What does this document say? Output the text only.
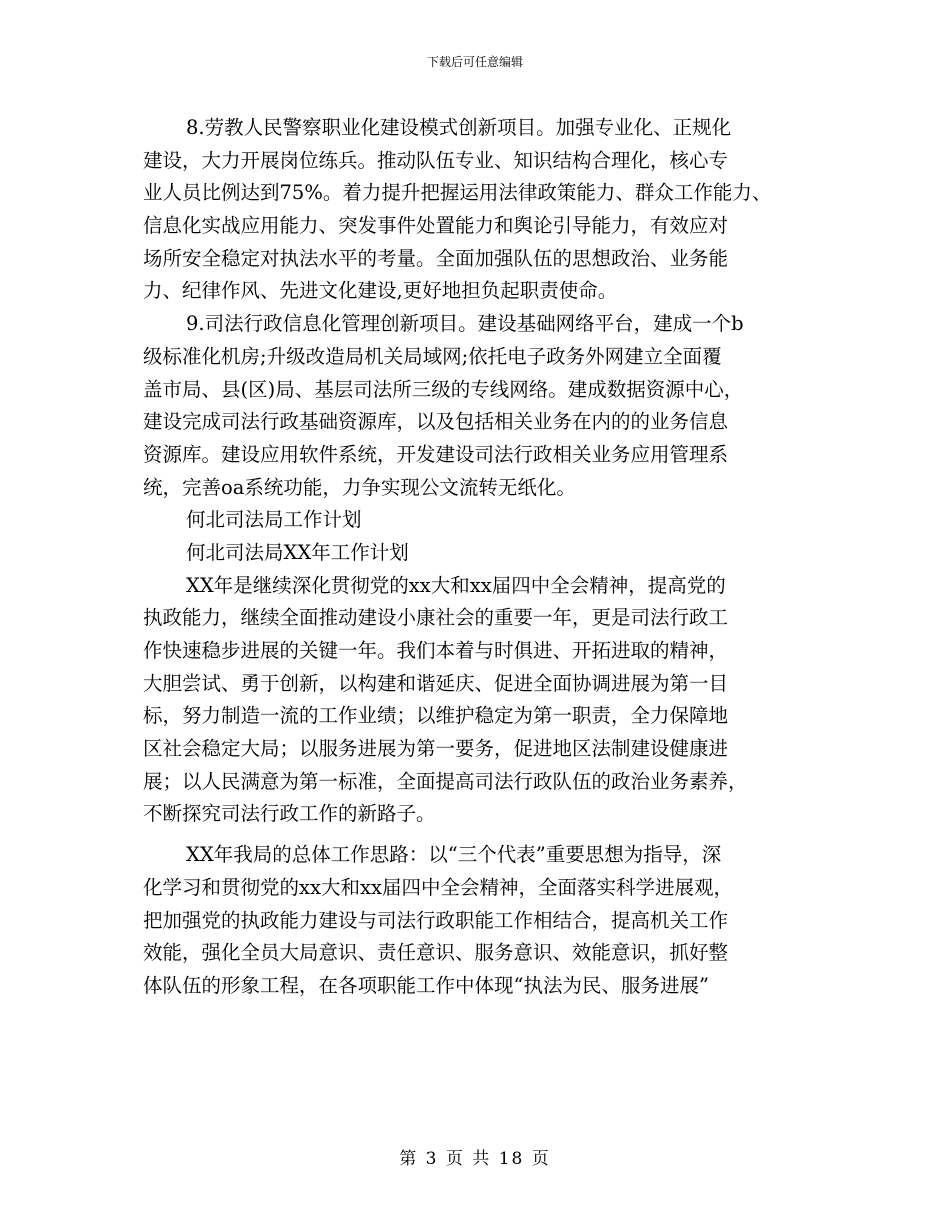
下载后可任意编辑
8.劳教人民警察职业化建设模式创新项目。加强专业化、正规化
建设，大力开展岗位练兵。推动队伍专业、知识结构合理化，核心专
业人员比例达到75%。着力提升把握运用法律政策能力、群众工作能力、
信息化实战应用能力、突发事件处置能力和舆论引导能力，有效应对
场所安全稳定对执法水平的考量。全面加强队伍的思想政治、业务能
力、纪律作风、先进文化建设,更好地担负起职责使命。
9.司法行政信息化管理创新项目。建设基础网络平台，建成一个b
级标准化机房;升级改造局机关局域网;依托电子政务外网建立全面覆
盖市局、县(区)局、基层司法所三级的专线网络。建成数据资源中心，
建设完成司法行政基础资源库，以及包括相关业务在内的的业务信息
资源库。建设应用软件系统，开发建设司法行政相关业务应用管理系
统，完善oa系统功能，力争实现公文流转无纸化。
何北司法局工作计划
何北司法局XX年工作计划
XX年是继续深化贯彻党的xx大和xx届四中全会精神，提高党的
执政能力，继续全面推动建设小康社会的重要一年，更是司法行政工
作快速稳步进展的关键一年。我们本着与时俱进、开拓进取的精神，
大胆尝试、勇于创新，以构建和谐延庆、促进全面协调进展为第一目
标，努力制造一流的工作业绩；以维护稳定为第一职责，全力保障地
区社会稳定大局；以服务进展为第一要务，促进地区法制建设健康进
展；以人民满意为第一标准，全面提高司法行政队伍的政治业务素养，
不断探究司法行政工作的新路子。
XX年我局的总体工作思路：以“三个代表”重要思想为指导，深
化学习和贯彻党的xx大和xx届四中全会精神，全面落实科学进展观，
把加强党的执政能力建设与司法行政职能工作相结合，提高机关工作
效能，强化全员大局意识、责任意识、服务意识、效能意识，抓好整
体队伍的形象工程，在各项职能工作中体现“执法为民、服务进展”
第 3 页 共 18 页
